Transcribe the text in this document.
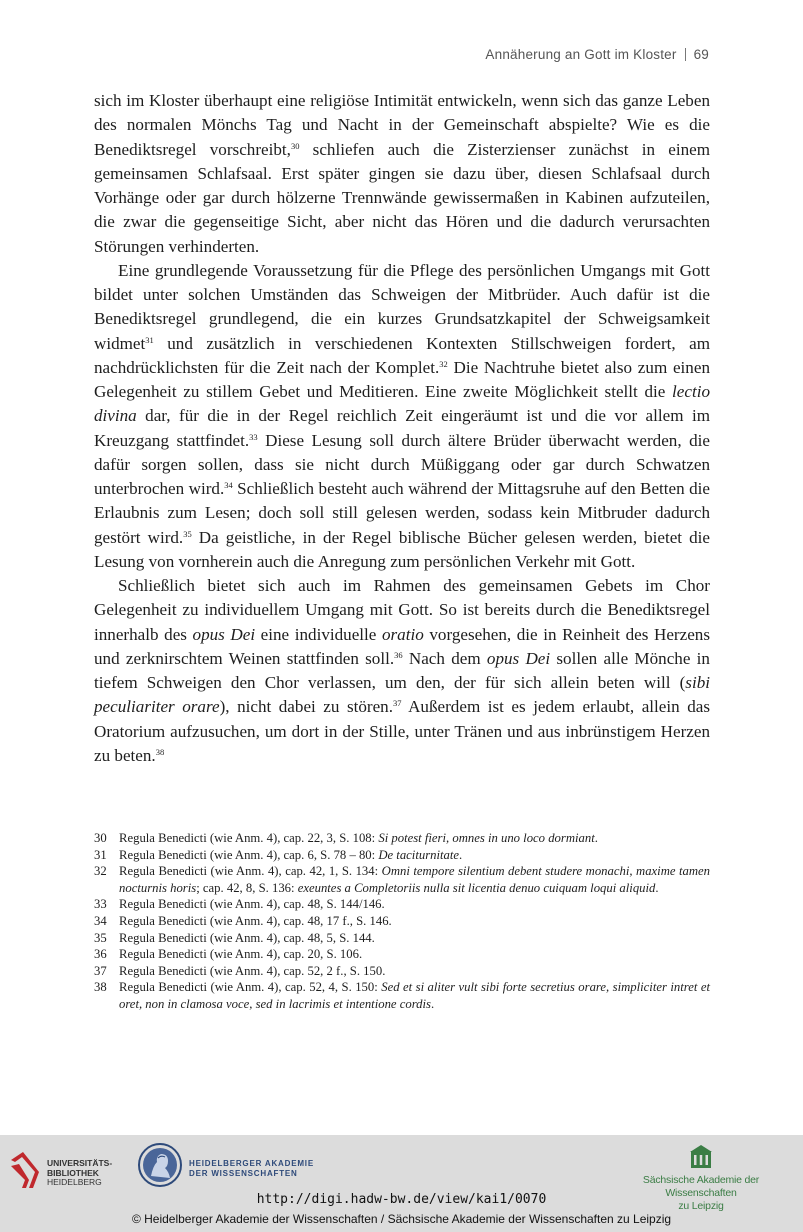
Annäherung an Gott im Kloster 69

sich im Kloster überhaupt eine religiöse Intimität entwickeln, wenn sich das ganze Leben des normalen Mönchs Tag und Nacht in der Gemeinschaft abspielte? Wie es die Benediktsregel vorschreibt,$^{30}$ schliefen auch die Zisterzienser zunächst in einem gemeinsamen Schlafsaal. Erst später gingen sie dazu über, diesen Schlafsaal durch Vorhänge oder gar durch hölzerne Trennwände gewissermaßen in Kabinen aufzuteilen, die zwar die gegenseitige Sicht, aber nicht das Hören und die dadurch verursachten Störungen verhinderten.

Eine grundlegende Voraussetzung für die Pflege des persönlichen Umgangs mit Gott bildet unter solchen Umständen das Schweigen der Mitbrüder. Auch dafür ist die Benediktsregel grundlegend, die ein kurzes Grundsatzkapitel der Schweigsamkeit widmet$^{31}$ und zusätzlich in verschiedenen Kontexten Stillschweigen fordert, am nachdrücklichsten für die Zeit nach der Komplet.$^{32}$ Die Nachtruhe bietet also zum einen Gelegenheit zu stillem Gebet und Meditieren. Eine zweite Möglichkeit stellt die lectio divina dar, für die in der Regel reichlich Zeit eingeräumt ist und die vor allem im Kreuzgang stattfindet.$^{33}$ Diese Lesung soll durch ältere Brüder überwacht werden, die dafür sorgen sollen, dass sie nicht durch Müßiggang oder gar durch Schwatzen unterbrochen wird.$^{34}$ Schließlich besteht auch während der Mittagsruhe auf den Betten die Erlaubnis zum Lesen; doch soll still gelesen werden, sodass kein Mitbruder dadurch gestört wird.$^{35}$ Da geistliche, in der Regel biblische Bücher gelesen werden, bietet die Lesung von vornherein auch die Anregung zum persönlichen Verkehr mit Gott.

Schließlich bietet sich auch im Rahmen des gemeinsamen Gebets im Chor Gelegenheit zu individuellem Umgang mit Gott. So ist bereits durch die Benediktsregel innerhalb des opus Dei eine individuelle oratio vorgesehen, die in Reinheit des Herzens und zerknirschtem Weinen stattfinden soll.$^{36}$ Nach dem opus Dei sollen alle Mönche in tiefem Schweigen den Chor verlassen, um den, der für sich allein beten will (sibi peculiariter orare), nicht dabei zu stören.$^{37}$ Außerdem ist es jedem erlaubt, allein das Oratorium aufzusuchen, um dort in der Stille, unter Tränen und aus inbrünstigem Herzen zu beten.$^{38}$

30 Regula Benedicti (wie Anm. 4), cap. 22, 3, S. 108: Si potest fieri, omnes in uno loco dormiant.
31 Regula Benedicti (wie Anm. 4), cap. 6, S. 78 – 80: De taciturnitate.
32 Regula Benedicti (wie Anm. 4), cap. 42, 1, S. 134: Omni tempore silentium debent studere monachi, maxime tamen nocturnis horis; cap. 42, 8, S. 136: exeuntes a Completoriis nulla sit licentia denuo cuiquam loqui aliquid.
33 Regula Benedicti (wie Anm. 4), cap. 48, S. 144/146.
34 Regula Benedicti (wie Anm. 4), cap. 48, 17 f., S. 146.
35 Regula Benedicti (wie Anm. 4), cap. 48, 5, S. 144.
36 Regula Benedicti (wie Anm. 4), cap. 20, S. 106.
37 Regula Benedicti (wie Anm. 4), cap. 52, 2 f., S. 150.
38 Regula Benedicti (wie Anm. 4), cap. 52, 4, S. 150: Sed et si aliter vult sibi forte secretius orare, simpliciter intret et oret, non in clamosa voce, sed in lacrimis et intentione cordis.
UNIVERSITÄTS-
BIBLIOTHEK
HEIDELBERG
HEIDELBERGER AKADEMIE
DER WISSENSCHAFTEN
Sächsische Akademie der Wissenschaften
zu Leipzig
http://digi.hadw-bw.de/view/kai1/0070
© Heidelberger Akademie der Wissenschaften / Sächsische Akademie der Wissenschaften zu Leipzig
